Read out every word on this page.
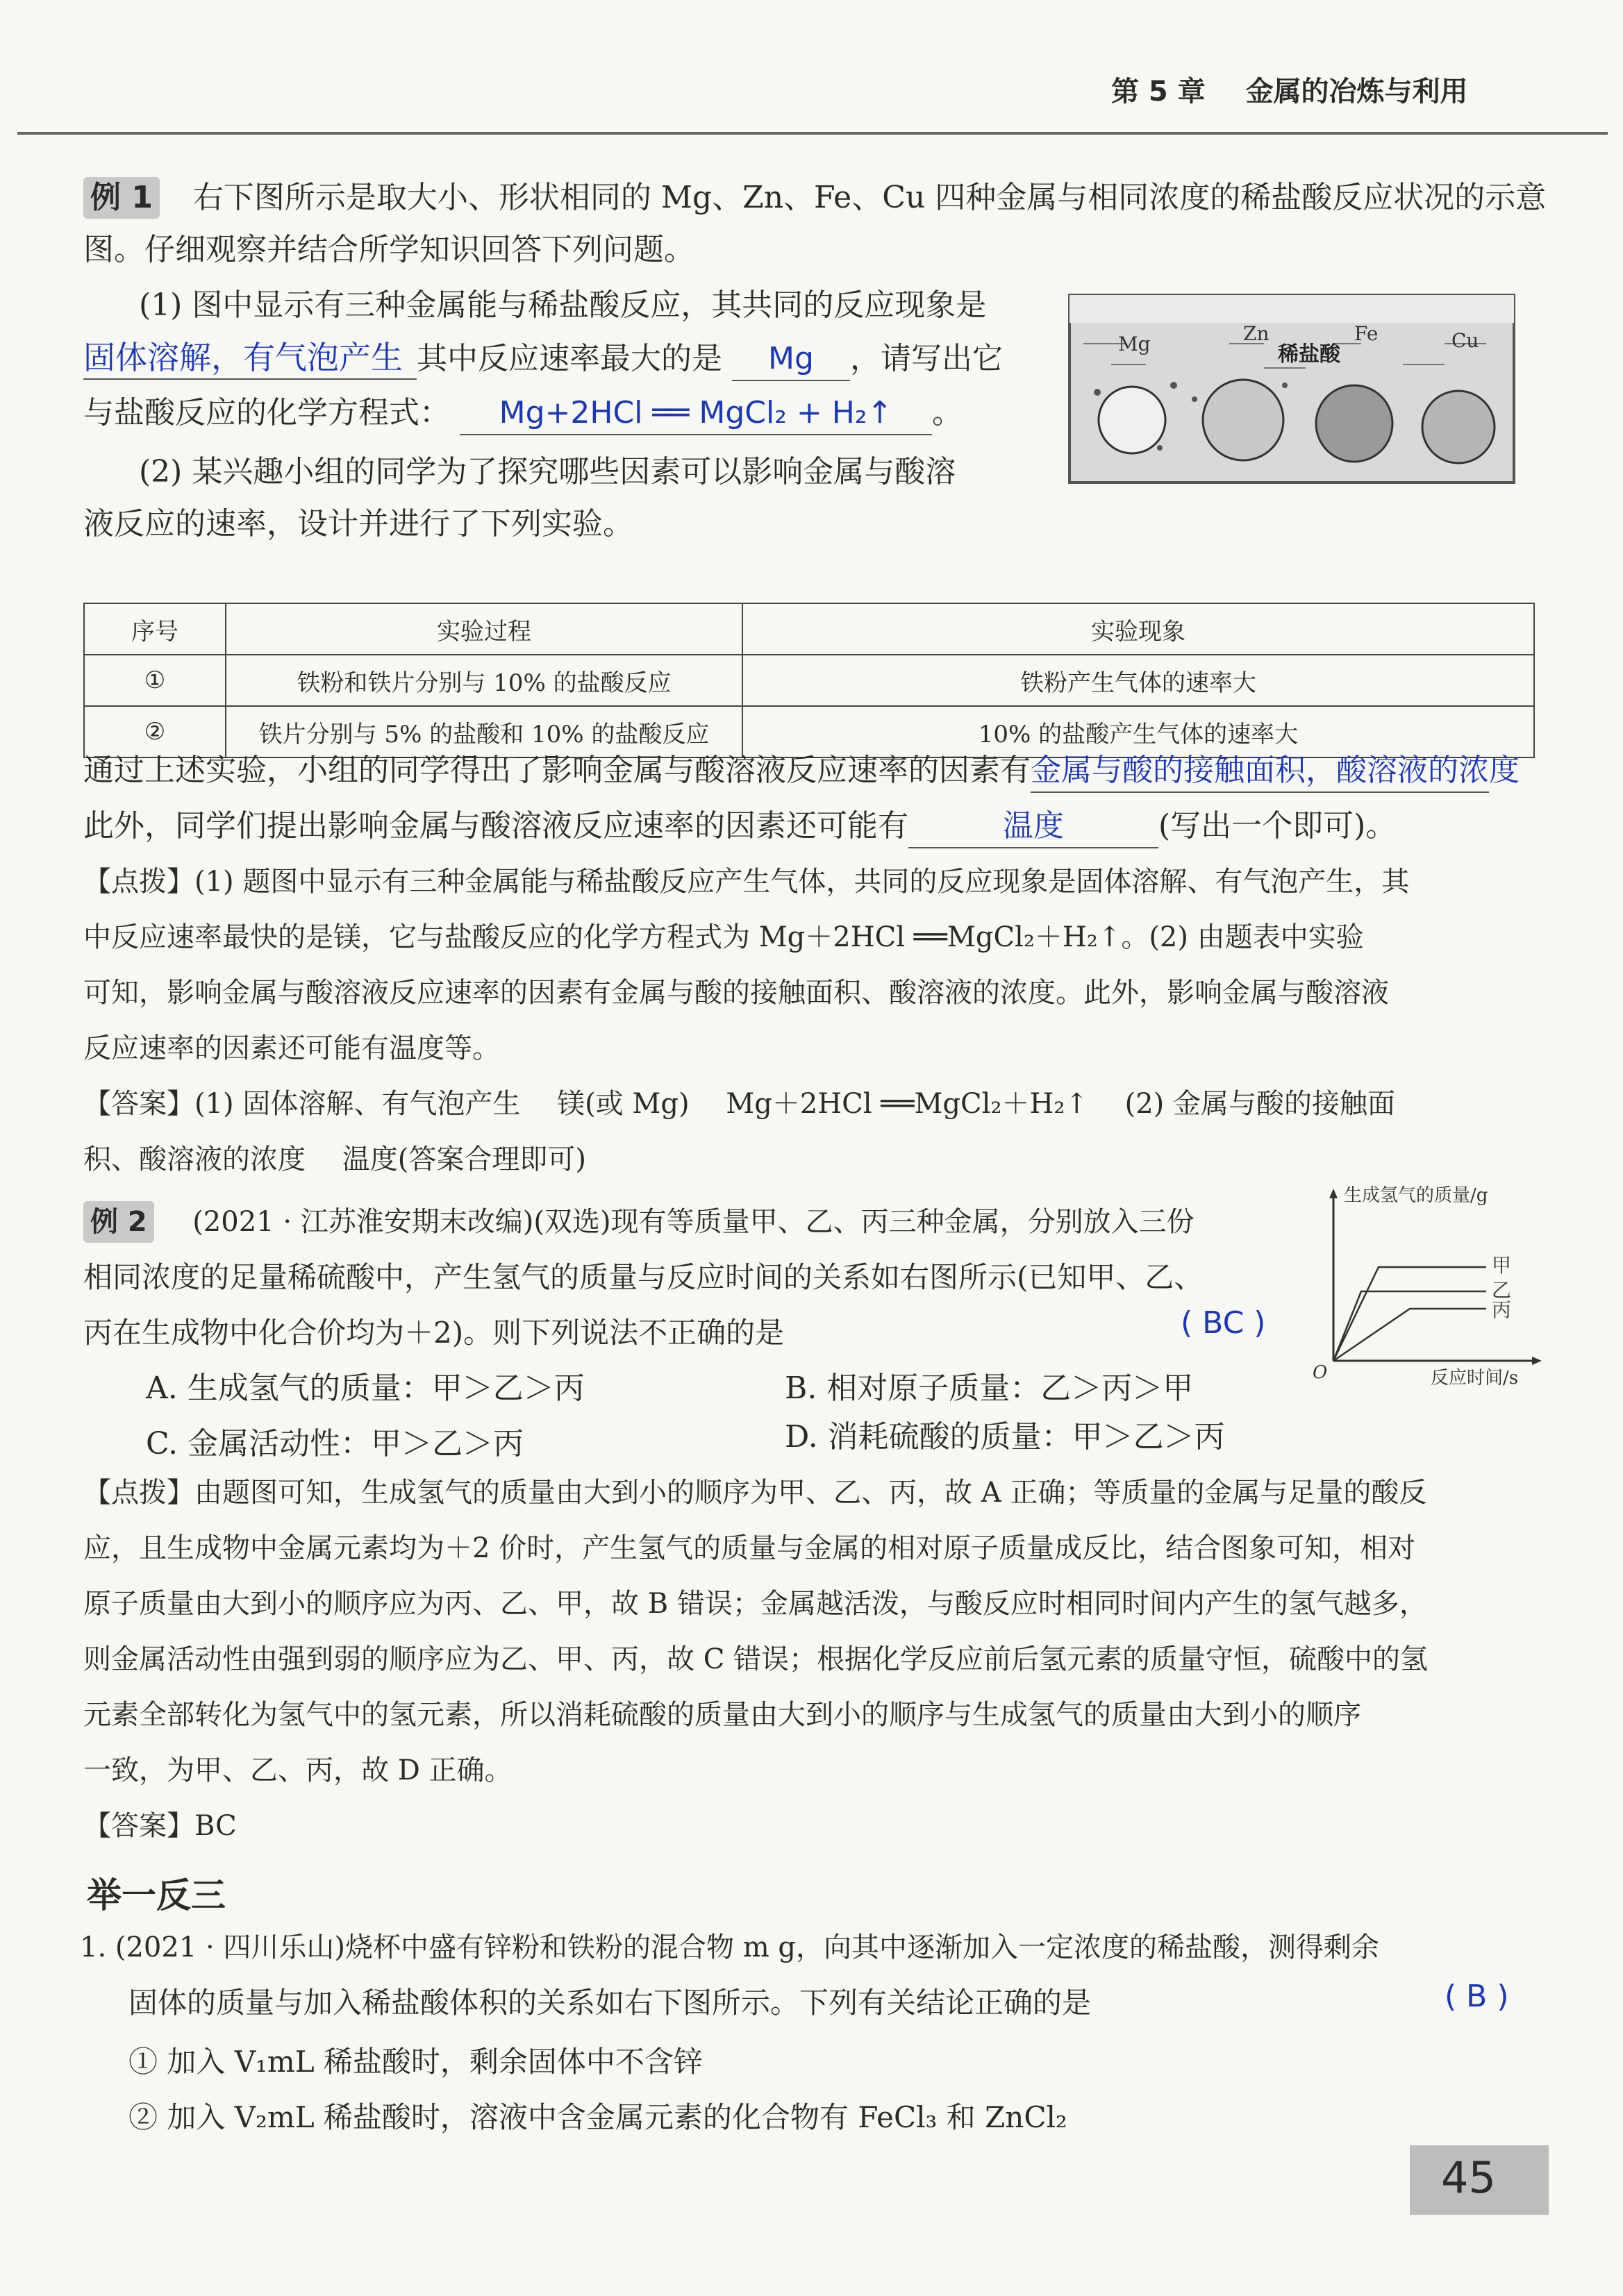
第 5 章 金属的冶炼与利用
例 1 右下图所示是取大小、形状相同的 Mg、Zn、Fe、Cu 四种金属与相同浓度的稀盐酸反应状况的示意
图。仔细观察并结合所学知识回答下列问题。
(1) 图中显示有三种金属能与稀盐酸反应，其共同的反应现象是
固体溶解，有气泡产生 其中反应速率最大的是 Mg ，请写出它
与盐酸反应的化学方程式： Mg+2HCl ══ MgCl₂ + H₂↑ 。
(2) 某兴趣小组的同学为了探究哪些因素可以影响金属与酸溶
液反应的速率，设计并进行了下列实验。
Mg	Zn	Fe	Cu
稀盐酸
序号	实验过程	实验现象
①	铁粉和铁片分别与 10% 的盐酸反应	铁粉产生气体的速率大
②	铁片分别与 5% 的盐酸和 10% 的盐酸反应	10% 的盐酸产生气体的速率大
通过上述实验，小组的同学得出了影响金属与酸溶液反应速率的因素有金属与酸的接触面积，酸溶液的浓度
此外，同学们提出影响金属与酸溶液反应速率的因素还可能有	温度	(写出一个即可)。
【点拨】(1) 题图中显示有三种金属能与稀盐酸反应产生气体，共同的反应现象是固体溶解、有气泡产生，其
中反应速率最快的是镁，它与盐酸反应的化学方程式为 Mg＋2HCl ══MgCl₂＋H₂↑。(2) 由题表中实验
可知，影响金属与酸溶液反应速率的因素有金属与酸的接触面积、酸溶液的浓度。此外，影响金属与酸溶液
反应速率的因素还可能有温度等。
【答案】(1) 固体溶解、有气泡产生　 镁(或 Mg)　 Mg＋2HCl ══MgCl₂＋H₂↑　 (2) 金属与酸的接触面
积、酸溶液的浓度　 温度(答案合理即可)
例 2 (2021 · 江苏淮安期末改编)(双选)现有等质量甲、乙、丙三种金属，分别放入三份
相同浓度的足量稀硫酸中，产生氢气的质量与反应时间的关系如右图所示(已知甲、乙、
丙在生成物中化合价均为＋2)。则下列说法不正确的是	( BC )
A. 生成氢气的质量：甲＞乙＞丙	B. 相对原子质量：乙＞丙＞甲
C. 金属活动性：甲＞乙＞丙	D. 消耗硫酸的质量：甲＞乙＞丙
生成氢气的质量/g
反应时间/s
O
甲
乙
丙
【点拨】由题图可知，生成氢气的质量由大到小的顺序为甲、乙、丙，故 A 正确；等质量的金属与足量的酸反
应，且生成物中金属元素均为＋2 价时，产生氢气的质量与金属的相对原子质量成反比，结合图象可知，相对
原子质量由大到小的顺序应为丙、乙、甲，故 B 错误；金属越活泼，与酸反应时相同时间内产生的氢气越多，
则金属活动性由强到弱的顺序应为乙、甲、丙，故 C 错误；根据化学反应前后氢元素的质量守恒，硫酸中的氢
元素全部转化为氢气中的氢元素，所以消耗硫酸的质量由大到小的顺序与生成氢气的质量由大到小的顺序
一致，为甲、乙、丙，故 D 正确。
【答案】BC
举一反三
1. (2021 · 四川乐山)烧杯中盛有锌粉和铁粉的混合物 m g，向其中逐渐加入一定浓度的稀盐酸，测得剩余
固体的质量与加入稀盐酸体积的关系如右下图所示。下列有关结论正确的是	( B )
① 加入 V₁mL 稀盐酸时，剩余固体中不含锌
② 加入 V₂mL 稀盐酸时，溶液中含金属元素的化合物有 FeCl₃ 和 ZnCl₂
45
